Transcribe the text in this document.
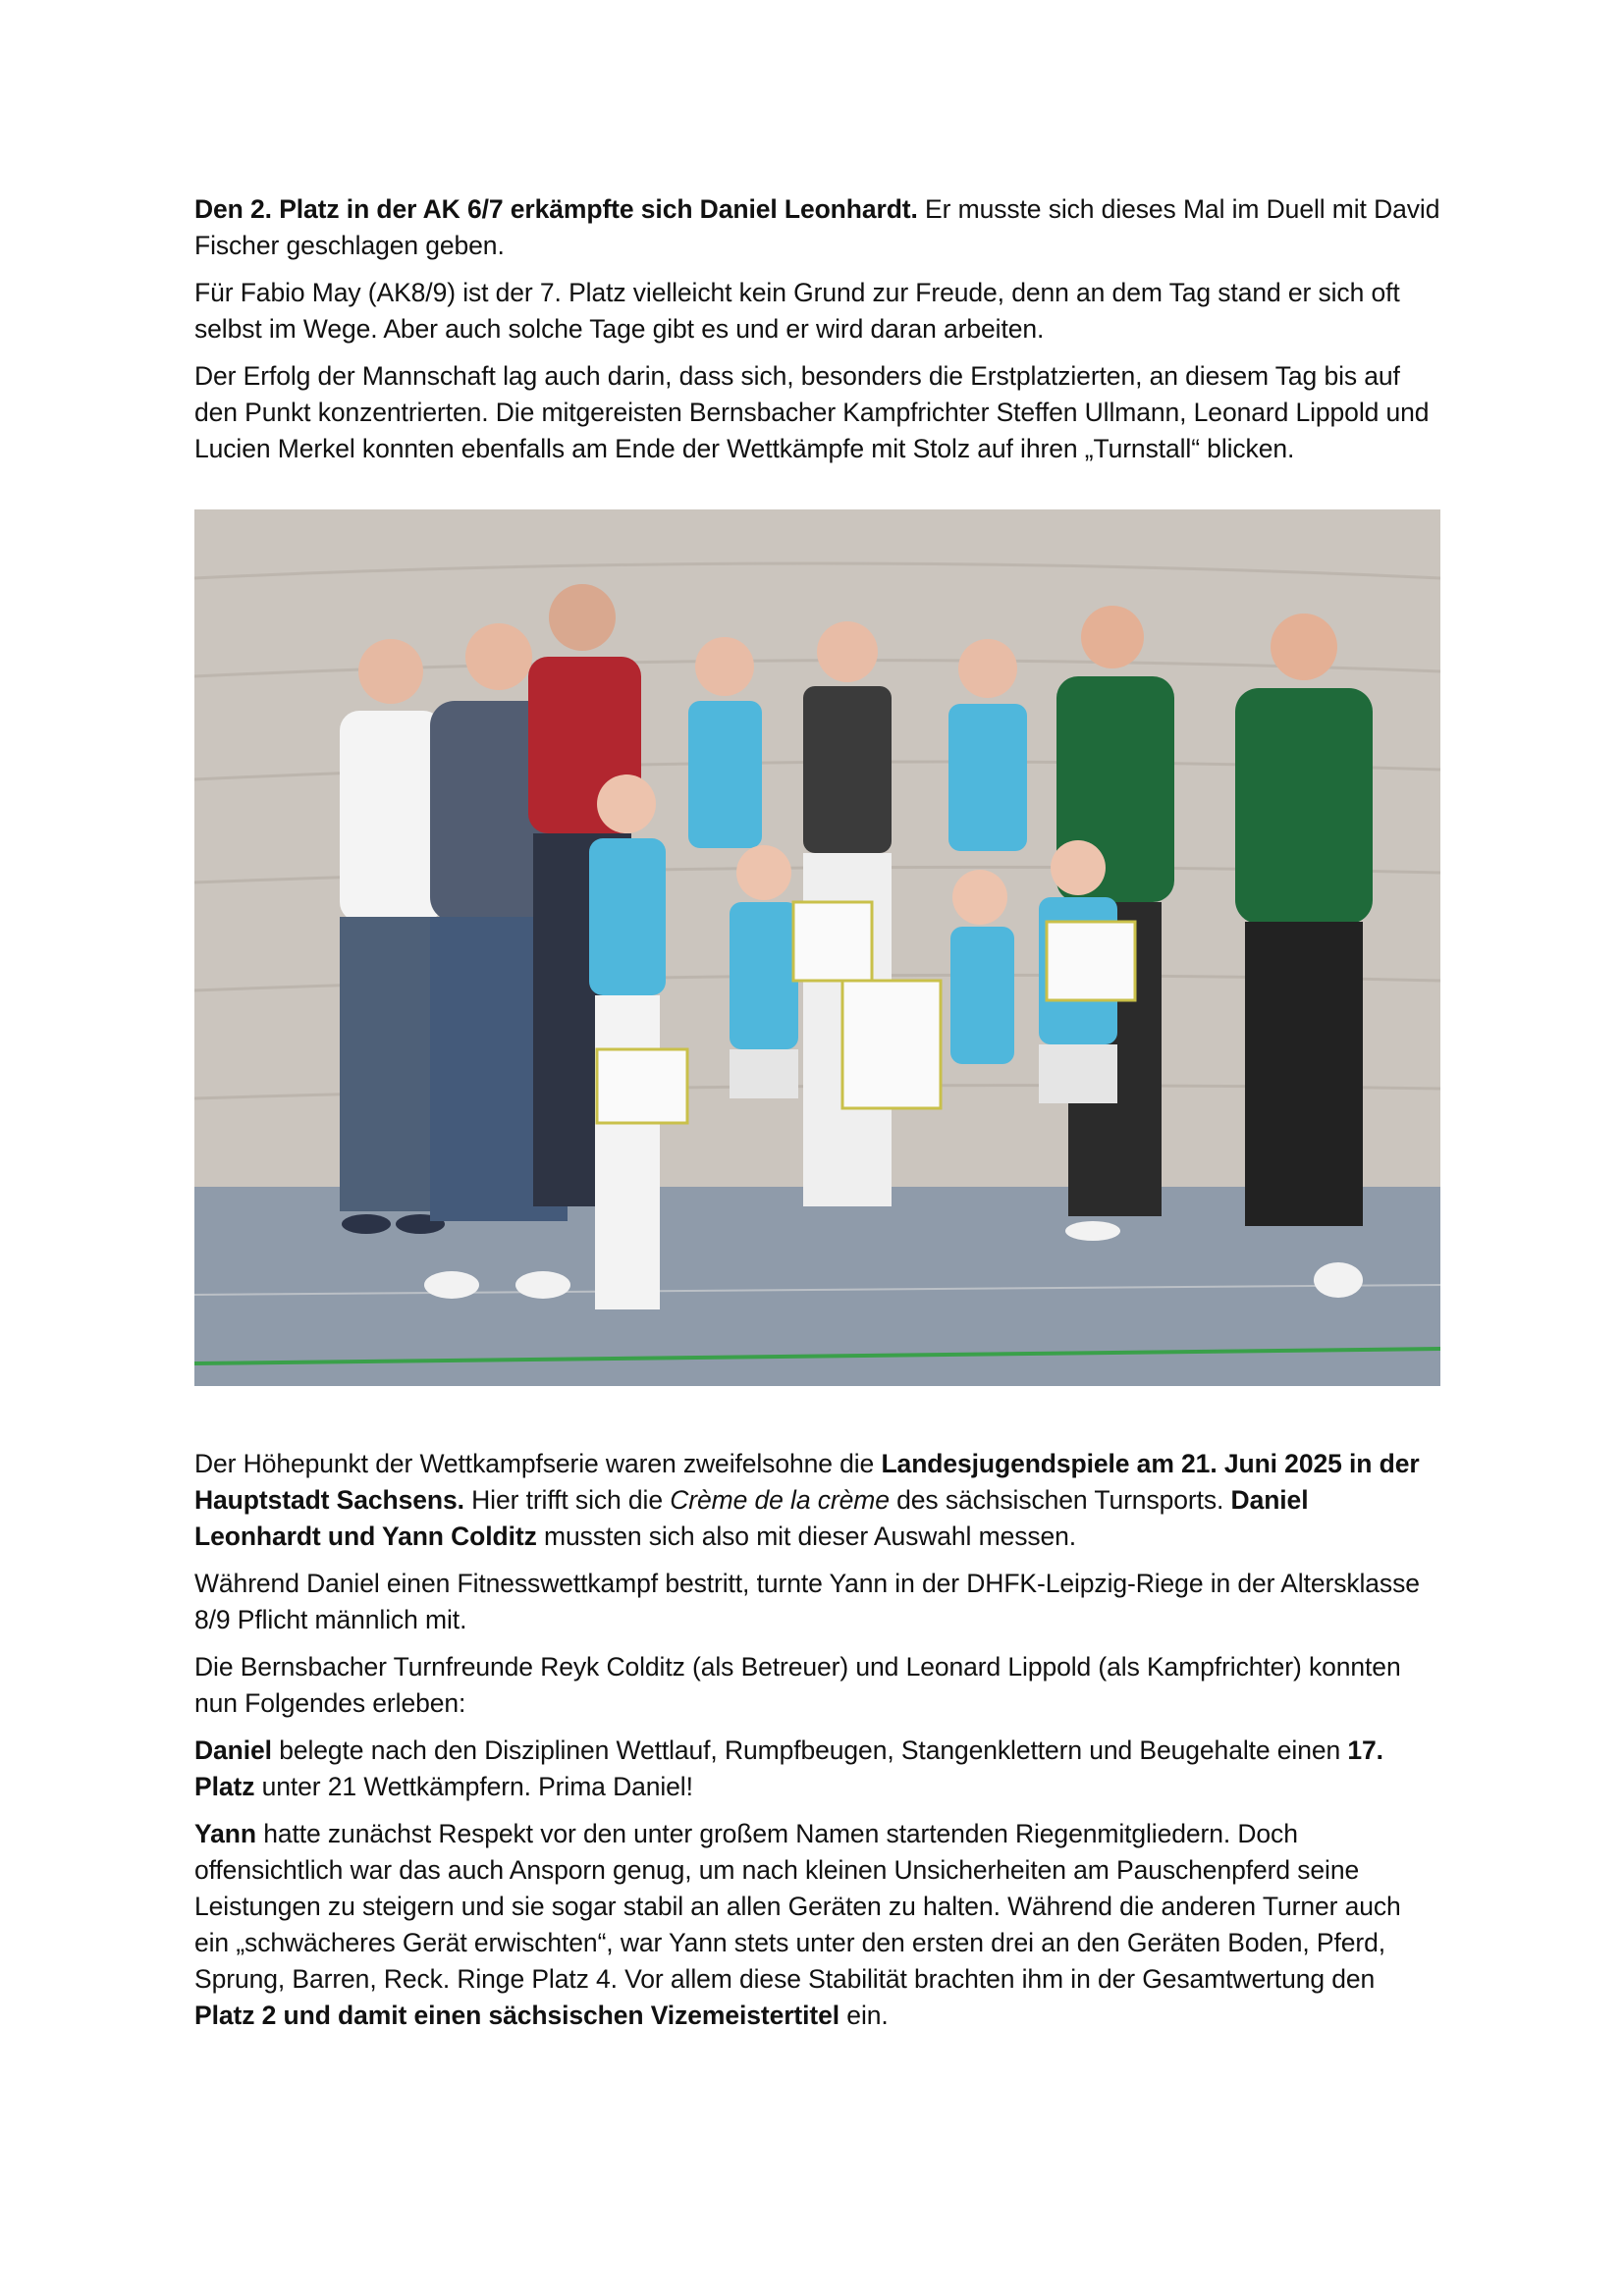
Den 2. Platz in der AK 6/7 erkämpfte sich Daniel Leonhardt. Er musste sich dieses Mal im Duell mit David Fischer geschlagen geben.

Für Fabio May (AK8/9) ist der 7. Platz vielleicht kein Grund zur Freude, denn an dem Tag stand er sich oft selbst im Wege. Aber auch solche Tage gibt es und er wird daran arbeiten.

Der Erfolg der Mannschaft lag auch darin, dass sich, besonders die Erstplatzierten, an diesem Tag bis auf den Punkt konzentrierten. Die mitgereisten Bernsbacher Kampfrichter Steffen Ullmann, Leonard Lippold und Lucien Merkel konnten ebenfalls am Ende der Wettkämpfe mit Stolz auf ihren „Turnstall“ blicken.

Der Höhepunkt der Wettkampfserie waren zweifelsohne die Landesjugendspiele am 21. Juni 2025 in der Hauptstadt Sachsens. Hier trifft sich die Crème de la crème des sächsischen Turnsports. Daniel Leonhardt und Yann Colditz mussten sich also mit dieser Auswahl messen.

Während Daniel einen Fitnesswettkampf bestritt, turnte Yann in der DHFK-Leipzig-Riege in der Altersklasse 8/9 Pflicht männlich mit.

Die Bernsbacher Turnfreunde Reyk Colditz (als Betreuer) und Leonard Lippold (als Kampfrichter) konnten nun Folgendes erleben:

Daniel belegte nach den Disziplinen Wettlauf, Rumpfbeugen, Stangenklettern und Beugehalte einen 17. Platz unter 21 Wettkämpfern. Prima Daniel!

Yann hatte zunächst Respekt vor den unter großem Namen startenden Riegenmitgliedern. Doch offensichtlich war das auch Ansporn genug, um nach kleinen Unsicherheiten am Pauschenpferd seine Leistungen zu steigern und sie sogar stabil an allen Geräten zu halten. Während die anderen Turner auch ein „schwächeres Gerät erwischten“, war Yann stets unter den ersten drei an den Geräten Boden, Pferd, Sprung, Barren, Reck. Ringe Platz 4. Vor allem diese Stabilität brachten ihm in der Gesamtwertung den Platz 2 und damit einen sächsischen Vizemeistertitel ein.
